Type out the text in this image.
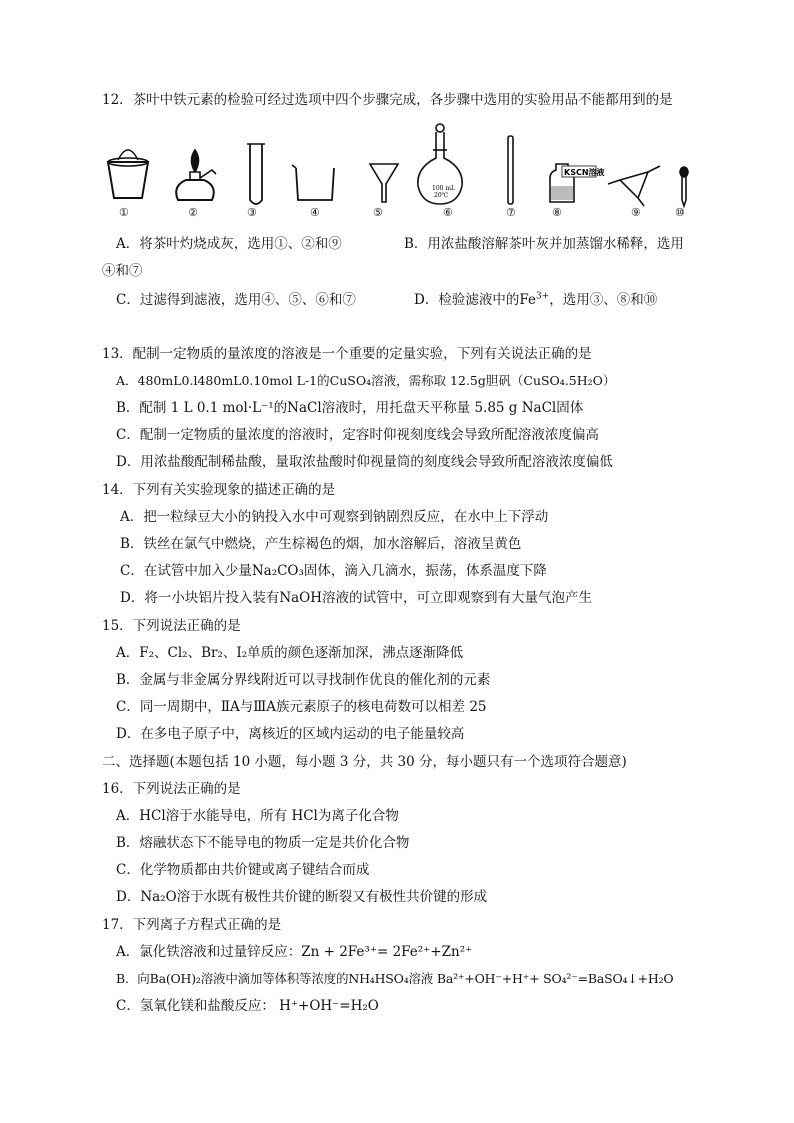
12．茶叶中铁元素的检验可经过选项中四个步骤完成，各步骤中选用的实验用品不能都用到的是
100 mL
20℃
KSCN溶液
①	②	③	④	⑤	⑥	⑦	⑧	⑨	⑩
A．将茶叶灼烧成灰，选用①、②和⑨	B．用浓盐酸溶解茶叶灰并加蒸馏水稀释，选用
④和⑦
C．过滤得到滤液，选用④、⑤、⑥和⑦	D．检验滤液中的$Fe^{3+}$，选用③、⑧和⑩
13．配制一定物质的量浓度的溶液是一个重要的定量实验，下列有关说法正确的是
A．480mL0.l480mL0.10mol L-1的CuSO₄溶液，需称取 12.5g胆矾（CuSO₄.5H₂O）
B．配制 1 L 0.1 mol·L⁻¹的NaCl溶液时，用托盘天平称量 5.85 g NaCl固体
C．配制一定物质的量浓度的溶液时，定容时仰视刻度线会导致所配溶液浓度偏高
D．用浓盐酸配制稀盐酸，量取浓盐酸时仰视量筒的刻度线会导致所配溶液浓度偏低
14．下列有关实验现象的描述正确的是
A．把一粒绿豆大小的钠投入水中可观察到钠剧烈反应，在水中上下浮动
B．铁丝在氯气中燃烧，产生棕褐色的烟，加水溶解后，溶液呈黄色
C．在试管中加入少量Na₂CO₃固体，滴入几滴水，振荡，体系温度下降
D．将一小块铝片投入装有NaOH溶液的试管中，可立即观察到有大量气泡产生
15．下列说法正确的是
A．F₂、Cl₂、Br₂、I₂单质的颜色逐渐加深，沸点逐渐降低
B．金属与非金属分界线附近可以寻找制作优良的催化剂的元素
C．同一周期中，ⅡA与ⅢA族元素原子的核电荷数可以相差 25
D．在多电子原子中，离核近的区域内运动的电子能量较高
二、选择题(本题包括 10 小题，每小题 3 分，共 30 分，每小题只有一个选项符合题意)
16．下列说法正确的是
A．HCl溶于水能导电，所有 HCl为离子化合物
B．熔融状态下不能导电的物质一定是共价化合物
C．化学物质都由共价键或离子键结合而成
D．Na₂O溶于水既有极性共价键的断裂又有极性共价键的形成
17．下列离子方程式正确的是
A．氯化铁溶液和过量锌反应：Zn + 2Fe³⁺= 2Fe²⁺+Zn²⁺
B．向Ba(OH)₂溶液中滴加等体积等浓度的NH₄HSO₄溶液 Ba²⁺+OH⁻+H⁺+ SO₄²⁻=BaSO₄↓+H₂O
C．氢氧化镁和盐酸反应： H⁺+OH⁻=H₂O
